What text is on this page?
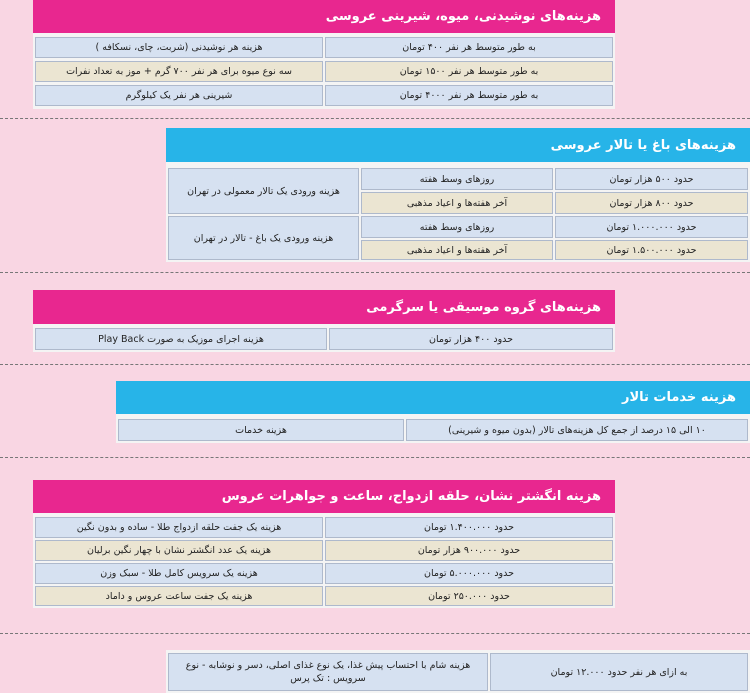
هزینه‌های نوشیدنی، میوه، شیرینی عروسی
به طور متوسط هر نفر ۴۰۰ تومان
هزینه هر نوشیدنی (شربت، چای، نسکافه )
به طور متوسط هر نفر ۱۵۰۰ تومان
سه نوع میوه برای هر نفر ۷۰۰ گرم + موز به تعداد نفرات
به طور متوسط هر نفر ۴۰۰۰ تومان
شیرینی هر نفر یک کیلوگرم
هزینه‌های باغ یا تالار عروسی
حدود ۵۰۰ هزار تومان
روزهای وسط هفته
حدود ۸۰۰ هزار تومان
آخر هفته‌ها و اعیاد مذهبی
هزینه ورودی یک تالار معمولی در تهران
حدود ۱.۰۰۰.۰۰۰ تومان
روزهای وسط هفته
حدود ۱.۵۰۰.۰۰۰ تومان
آخر هفته‌ها و اعیاد مذهبی
هزینه ورودی یک باغ - تالار در تهران
هزینه‌های گروه موسیقی یا سرگرمی
حدود ۴۰۰ هزار تومان
هزینه اجرای موزیک به صورت Play Back
هزینه خدمات تالار
۱۰ الی ۱۵ درصد از جمع کل هزینه‌های تالار (بدون میوه و شیرینی)
هزینه خدمات
هزینه انگشتر نشان، حلقه ازدواج، ساعت و جواهرات عروس
حدود ۱.۴۰۰.۰۰۰ تومان
هزینه یک جفت حلقه ازدواج طلا - ساده و بدون نگین
حدود ۹۰۰.۰۰۰ هزار تومان
هزینه یک عدد انگشتر نشان با چهار نگین برلیان
حدود ۵.۰۰۰.۰۰۰ تومان
هزینه یک سرویس کامل طلا - سبک وزن
حدود ۲۵۰.۰۰۰ تومان
هزینه یک جفت ساعت عروس و داماد
به ازای هر نفر حدود ۱۲.۰۰۰ تومان
هزینه شام با احتساب پیش غذا، یک نوع غذای اصلی، دسر و نوشابه - نوع سرویس : تک پرس
